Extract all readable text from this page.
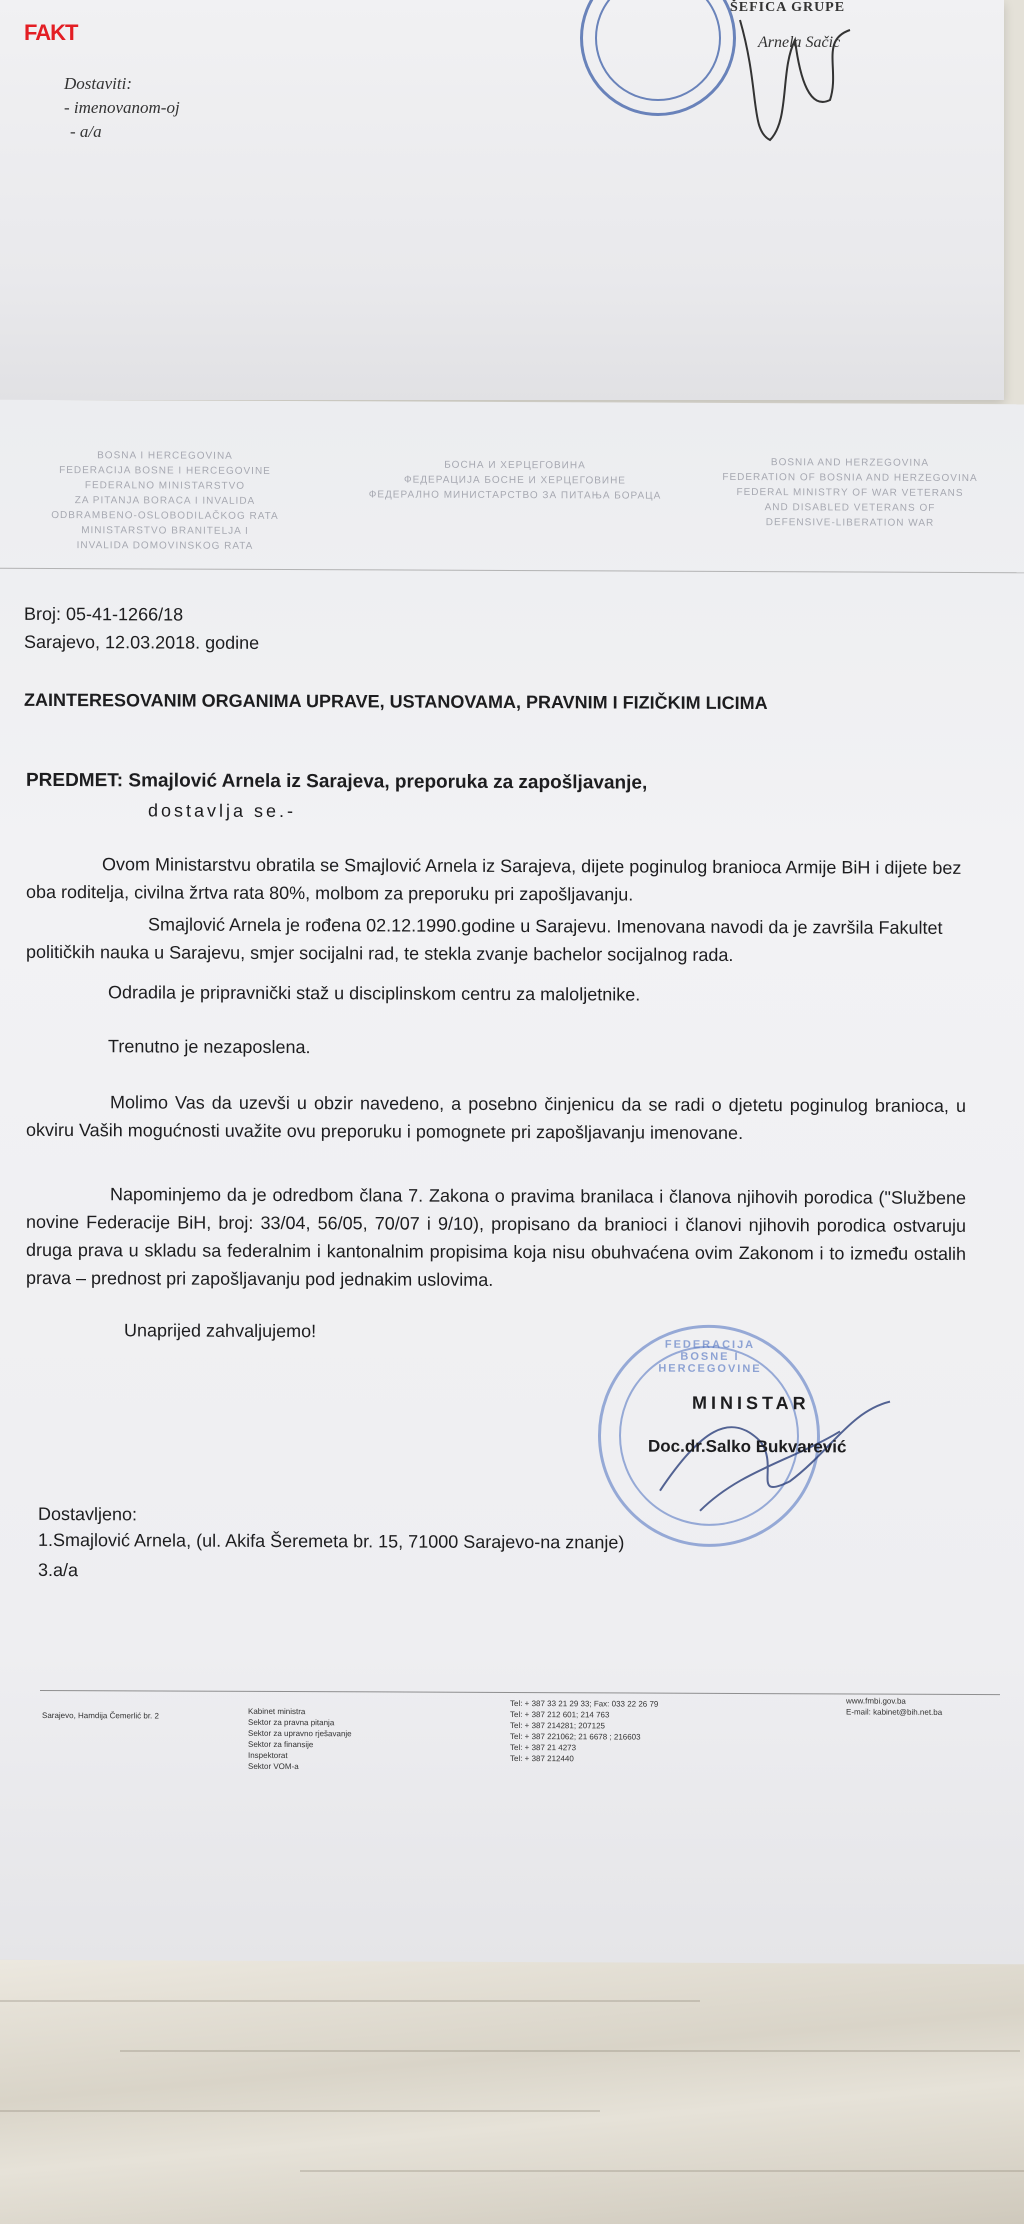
FAKT
Dostaviti:
- imenovanom-oj
- a/a
ŠEFICA GRUPE
Arnela Sačić
BOSNA I HERCEGOVINA
FEDERACIJA BOSNE I HERCEGOVINE
FEDERALNO MINISTARSTVO
ZA PITANJA BORACA I INVALIDA
ODBRAMBENO-OSLOBODILAČKOG RATA
MINISTARSTVO BRANITELJA I
INVALIDA DOMOVINSKOG RATA
БОСНА И ХЕРЦЕГОВИНА
ФЕДЕРАЦИЈА БОСНЕ И ХЕРЦЕГОВИНЕ
ФЕДЕРАЛНО МИНИСТАРСТВО ЗА ПИТАЊА БОРАЦА
BOSNIA AND HERZEGOVINA
FEDERATION OF BOSNIA AND HERZEGOVINA
FEDERAL MINISTRY OF WAR VETERANS
AND DISABLED VETERANS OF
DEFENSIVE-LIBERATION WAR
Broj: 05-41-1266/18
Sarajevo, 12.03.2018. godine
ZAINTERESOVANIM ORGANIMA UPRAVE, USTANOVAMA, PRAVNIM I FIZIČKIM LICIMA
PREDMET: Smajlović Arnela iz Sarajeva, preporuka za zapošljavanje,
dostavlja se.-
Ovom Ministarstvu obratila se Smajlović Arnela iz Sarajeva, dijete poginulog branioca Armije BiH i dijete bez oba roditelja, civilna žrtva rata 80%, molbom za preporuku pri zapošljavanju.
Smajlović Arnela je rođena 02.12.1990.godine u Sarajevu. Imenovana navodi da je završila Fakultet političkih nauka u Sarajevu, smjer socijalni rad, te stekla zvanje bachelor socijalnog rada.
Odradila je pripravnički staž u disciplinskom centru za maloljetnike.
Trenutno je nezaposlena.
Molimo Vas da uzevši u obzir navedeno, a posebno činjenicu da se radi o djetetu poginulog branioca, u okviru Vaših mogućnosti uvažite ovu preporuku i pomognete pri zapošljavanju imenovane.
Napominjemo da je odredbom člana 7. Zakona o pravima branilaca i članova njihovih porodica ("Službene novine Federacije BiH, broj: 33/04, 56/05, 70/07 i 9/10), propisano da branioci i članovi njihovih porodica ostvaruju druga prava u skladu sa federalnim i kantonalnim propisima koja nisu obuhvaćena ovim Zakonom i to između ostalih prava – prednost pri zapošljavanju pod jednakim uslovima.
Unaprijed zahvaljujemo!
FEDERACIJA BOSNE I HERCEGOVINE
MINISTAR
Doc.dr.Salko Bukvarević
Dostavljeno:
1.Smajlović Arnela, (ul. Akifa Šeremeta br. 15, 71000 Sarajevo-na znanje)
3.a/a
Sarajevo, Hamdija Čemerlić br. 2	Kabinet ministra
Sektor za pravna pitanja
Sektor za upravno rješavanje
Sektor za finansije
Inspektorat
Sektor VOM-a
Tel: + 387 33 21 29 33; Fax: 033 22 26 79
Tel: + 387 212 601; 214 763
Tel: + 387 214281; 207125
Tel: + 387 221062; 21 6678 ; 216603
Tel: + 387 21 4273
Tel: + 387 212440
www.fmbi.gov.ba
E-mail: kabinet@bih.net.ba
